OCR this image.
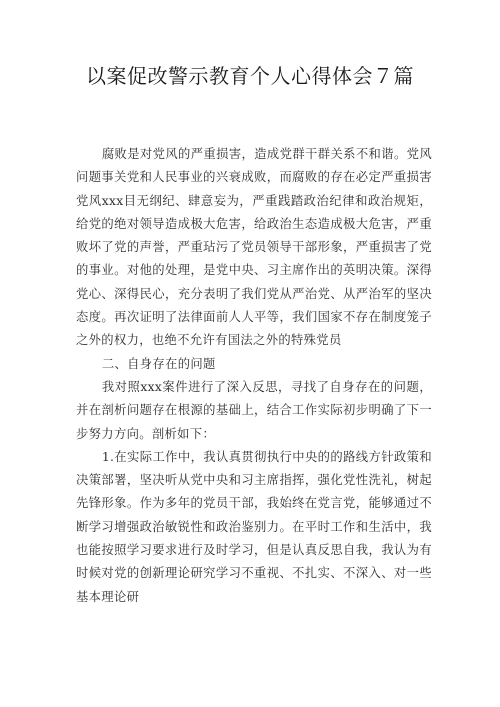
以案促改警示教育个人心得体会７篇

腐败是对党风的严重损害，造成党群干群关系不和谐。党风问题事关党和人民事业的兴衰成败，而腐败的存在必定严重损害党风xxx目无纲纪、肆意妄为，严重践踏政治纪律和政治规矩，给党的绝对领导造成极大危害，给政治生态造成极大危害，严重败坏了党的声誉，严重玷污了党员领导干部形象，严重损害了党的事业。对他的处理，是党中央、习主席作出的英明决策。深得党心、深得民心，充分表明了我们党从严治党、从严治军的坚决态度。再次证明了法律面前人人平等，我们国家不存在制度笼子之外的权力，也绝不允许有国法之外的特殊党员

二、自身存在的问题

我对照xxx案件进行了深入反思，寻找了自身存在的问题，并在剖析问题存在根源的基础上，结合工作实际初步明确了下一步努力方向。剖析如下：

1.在实际工作中，我认真贯彻执行中央的的路线方针政策和决策部署，坚决听从党中央和习主席指挥，强化党性洗礼，树起先锋形象。作为多年的党员干部，我始终在党言党，能够通过不断学习增强政治敏锐性和政治鉴别力。在平时工作和生活中，我也能按照学习要求进行及时学习，但是认真反思自我，我认为有时候对党的创新理论研究学习不重视、不扎实、不深入、对一些基本理论研
